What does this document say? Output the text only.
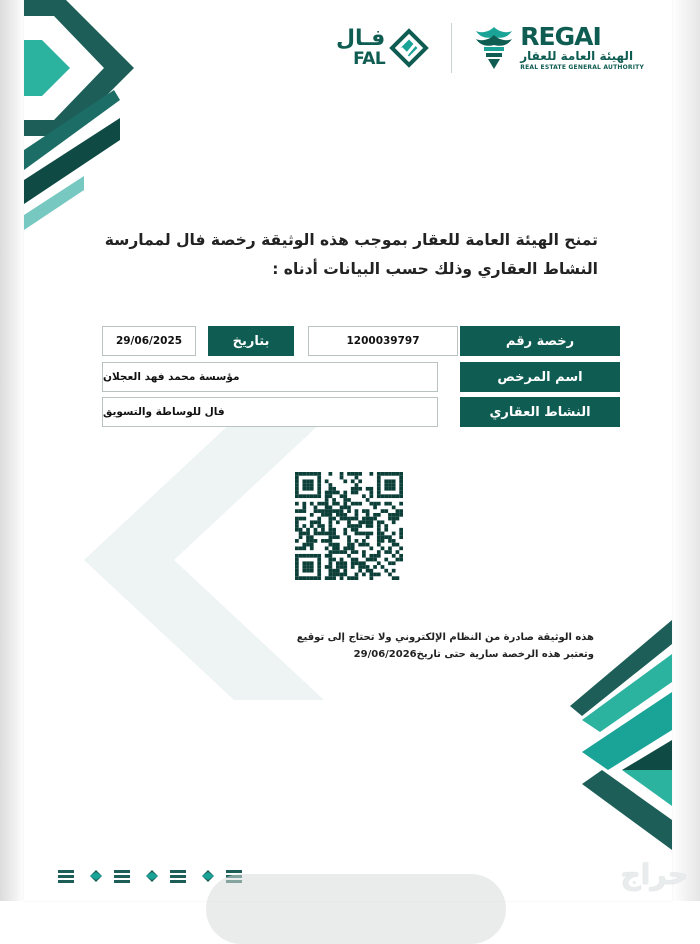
فـال
FAL
REGAI
الهيئة العامة للعقار
REAL ESTATE GENERAL AUTHORITY
تمنح الهيئة العامة للعقار بموجب هذه الوثيقة رخصة فال لممارسة
النشاط العقاري وذلك حسب البيانات أدناه :
رخصة رقم
1200039797
بتاريخ
29/06/2025
اسم المرخص
مؤسسة محمد فهد العجلان
النشاط العقاري
فال للوساطة والتسويق
هذه الوثيقة صادرة من النظام الإلكتروني ولا تحتاج إلى توقيع
وتعتبر هذه الرخصة سارية حتى تاريخ29/06/2026
حراج
